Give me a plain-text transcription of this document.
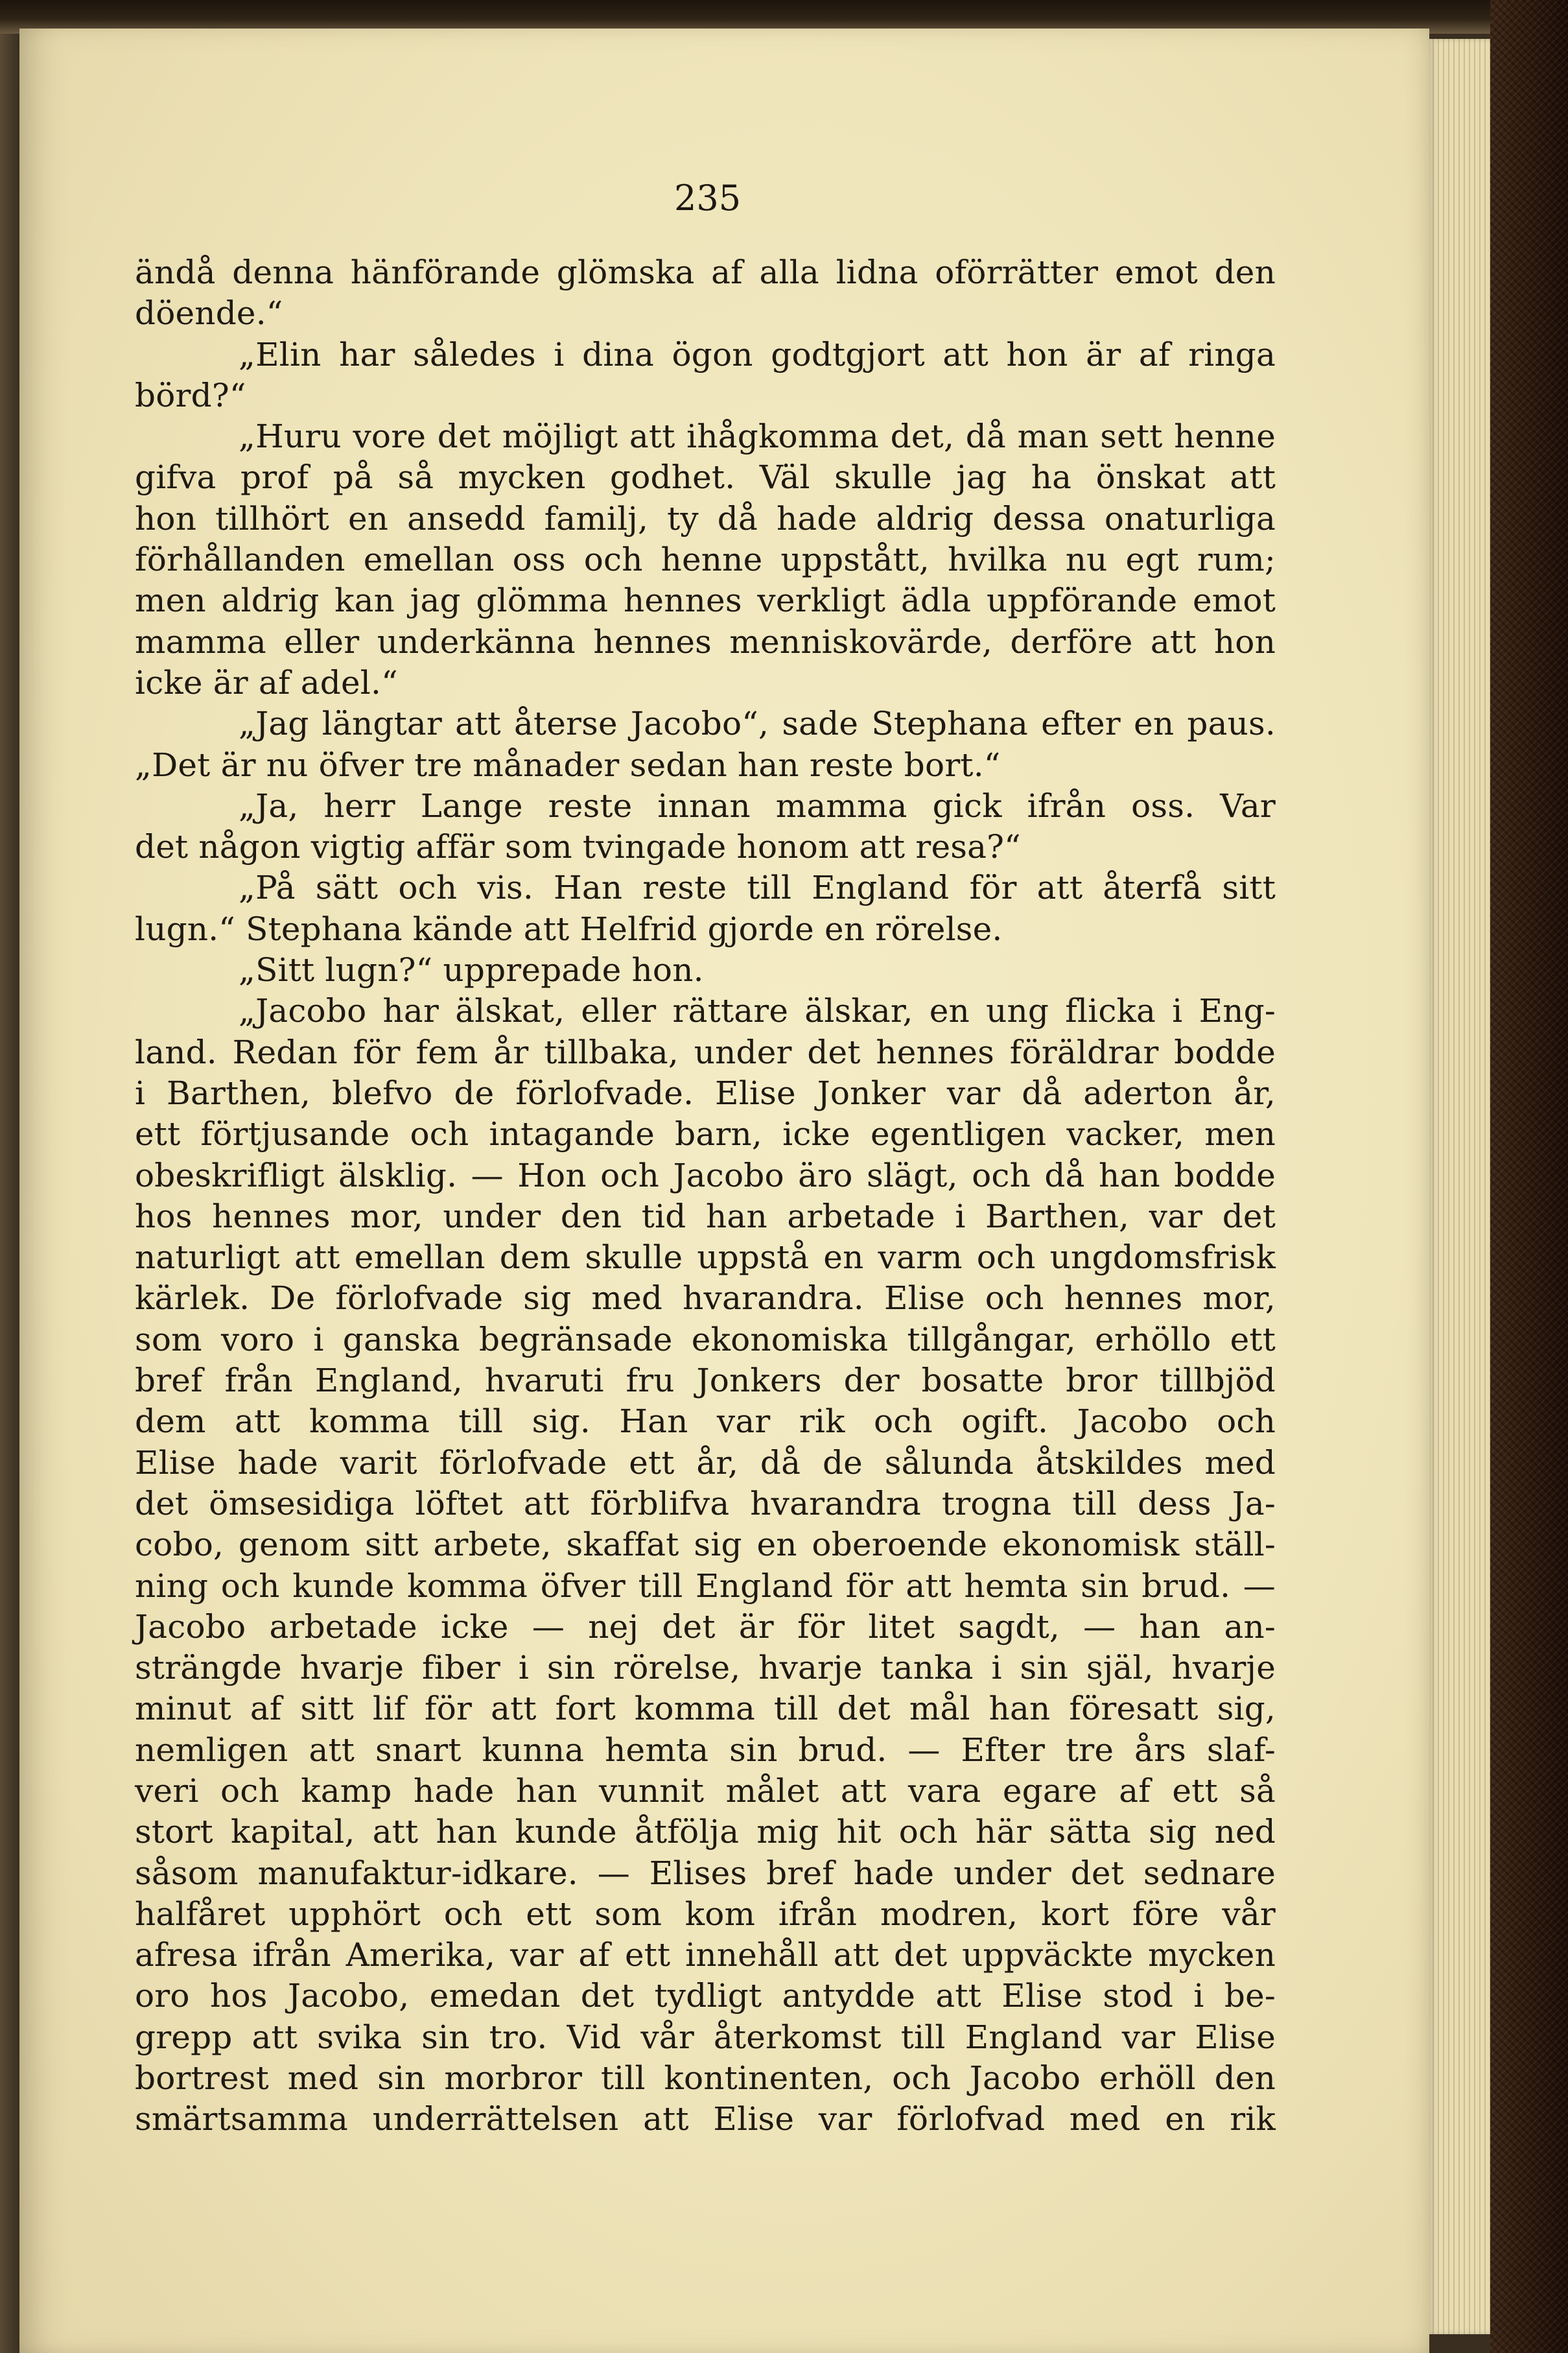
235
ändå denna hänförande glömska af alla lidna oförrätter emot den
döende.“
„Elin har således i dina ögon godtgjort att hon är af ringa
börd?“
„Huru vore det möjligt att ihågkomma det, då man sett henne
gifva prof på så mycken godhet. Väl skulle jag ha önskat att
hon tillhört en ansedd familj, ty då hade aldrig dessa onaturliga
förhållanden emellan oss och henne uppstått, hvilka nu egt rum;
men aldrig kan jag glömma hennes verkligt ädla uppförande emot
mamma eller underkänna hennes menniskovärde, derföre att hon
icke är af adel.“
„Jag längtar att återse Jacobo“, sade Stephana efter en paus.
„Det är nu öfver tre månader sedan han reste bort.“
„Ja, herr Lange reste innan mamma gick ifrån oss. Var
det någon vigtig affär som tvingade honom att resa?“
„På sätt och vis. Han reste till England för att återfå sitt
lugn.“ Stephana kände att Helfrid gjorde en rörelse.
„Sitt lugn?“ upprepade hon.
„Jacobo har älskat, eller rättare älskar, en ung flicka i Eng-
land. Redan för fem år tillbaka, under det hennes föräldrar bodde
i Barthen, blefvo de förlofvade. Elise Jonker var då aderton år,
ett förtjusande och intagande barn, icke egentligen vacker, men
obeskrifligt älsklig. — Hon och Jacobo äro slägt, och då han bodde
hos hennes mor, under den tid han arbetade i Barthen, var det
naturligt att emellan dem skulle uppstå en varm och ungdomsfrisk
kärlek. De förlofvade sig med hvarandra. Elise och hennes mor,
som voro i ganska begränsade ekonomiska tillgångar, erhöllo ett
bref från England, hvaruti fru Jonkers der bosatte bror tillbjöd
dem att komma till sig. Han var rik och ogift. Jacobo och
Elise hade varit förlofvade ett år, då de sålunda åtskildes med
det ömsesidiga löftet att förblifva hvarandra trogna till dess Ja-
cobo, genom sitt arbete, skaffat sig en oberoende ekonomisk ställ-
ning och kunde komma öfver till England för att hemta sin brud. —
Jacobo arbetade icke — nej det är för litet sagdt, — han an-
strängde hvarje fiber i sin rörelse, hvarje tanka i sin själ, hvarje
minut af sitt lif för att fort komma till det mål han föresatt sig,
nemligen att snart kunna hemta sin brud. — Efter tre års slaf-
veri och kamp hade han vunnit målet att vara egare af ett så
stort kapital, att han kunde åtfölja mig hit och här sätta sig ned
såsom manufaktur-idkare. — Elises bref hade under det sednare
halfåret upphört och ett som kom ifrån modren, kort före vår
afresa ifrån Amerika, var af ett innehåll att det uppväckte mycken
oro hos Jacobo, emedan det tydligt antydde att Elise stod i be-
grepp att svika sin tro. Vid vår återkomst till England var Elise
bortrest med sin morbror till kontinenten, och Jacobo erhöll den
smärtsamma underrättelsen att Elise var förlofvad med en rik
